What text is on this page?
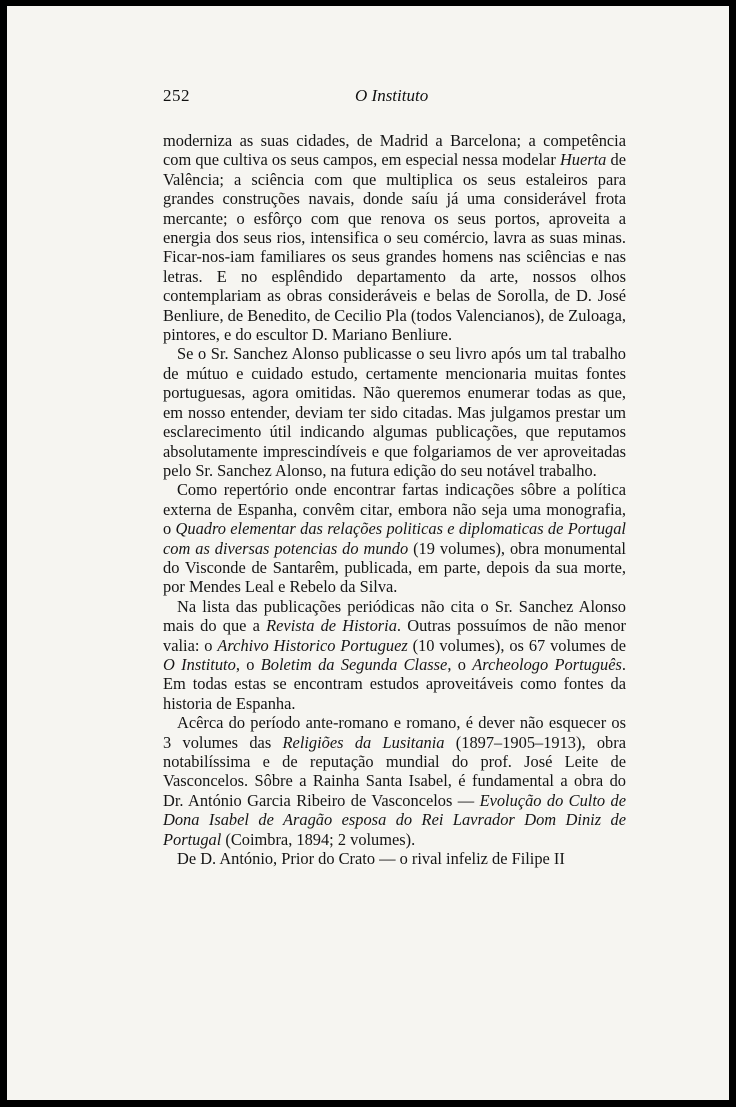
252	O Instituto

moderniza as suas cidades, de Madrid a Barcelona; a competência com que cultiva os seus campos, em especial nessa modelar Huerta de Valência; a sciência com que multiplica os seus estaleiros para grandes construções navais, donde saíu já uma considerável frota mercante; o esfôrço com que renova os seus portos, aproveita a energia dos seus rios, intensifica o seu comércio, lavra as suas minas. Ficar-nos-iam familiares os seus grandes homens nas sciências e nas letras. E no esplêndido departamento da arte, nossos olhos contemplariam as obras consideráveis e belas de Sorolla, de D. José Benliure, de Benedito, de Cecilio Pla (todos Valencianos), de Zuloaga, pintores, e do escultor D. Mariano Benliure.

Se o Sr. Sanchez Alonso publicasse o seu livro após um tal trabalho de mútuo e cuidado estudo, certamente mencionaria muitas fontes portuguesas, agora omitidas. Não queremos enumerar todas as que, em nosso entender, deviam ter sido citadas. Mas julgamos prestar um esclarecimento útil indicando algumas publicações, que reputamos absolutamente imprescindíveis e que folgariamos de ver aproveitadas pelo Sr. Sanchez Alonso, na futura edição do seu notável trabalho.

Como repertório onde encontrar fartas indicações sôbre a política externa de Espanha, convêm citar, embora não seja uma monografia, o Quadro elementar das relações politicas e diplomaticas de Portugal com as diversas potencias do mundo (19 volumes), obra monumental do Visconde de Santarêm, publicada, em parte, depois da sua morte, por Mendes Leal e Rebelo da Silva.

Na lista das publicações periódicas não cita o Sr. Sanchez Alonso mais do que a Revista de Historia. Outras possuímos de não menor valia: o Archivo Historico Portuguez (10 volumes), os 67 volumes de O Instituto, o Boletim da Segunda Classe, o Archeologo Português. Em todas estas se encontram estudos aproveitáveis como fontes da historia de Espanha.

Acêrca do período ante-romano e romano, é dever não esquecer os 3 volumes das Religiões da Lusitania (1897–1905–1913), obra notabilíssima e de reputação mundial do prof. José Leite de Vasconcelos. Sôbre a Rainha Santa Isabel, é fundamental a obra do Dr. António Garcia Ribeiro de Vasconcelos — Evolução do Culto de Dona Isabel de Aragão esposa do Rei Lavrador Dom Diniz de Portugal (Coimbra, 1894; 2 volumes).

De D. António, Prior do Crato — o rival infeliz de Filipe II
